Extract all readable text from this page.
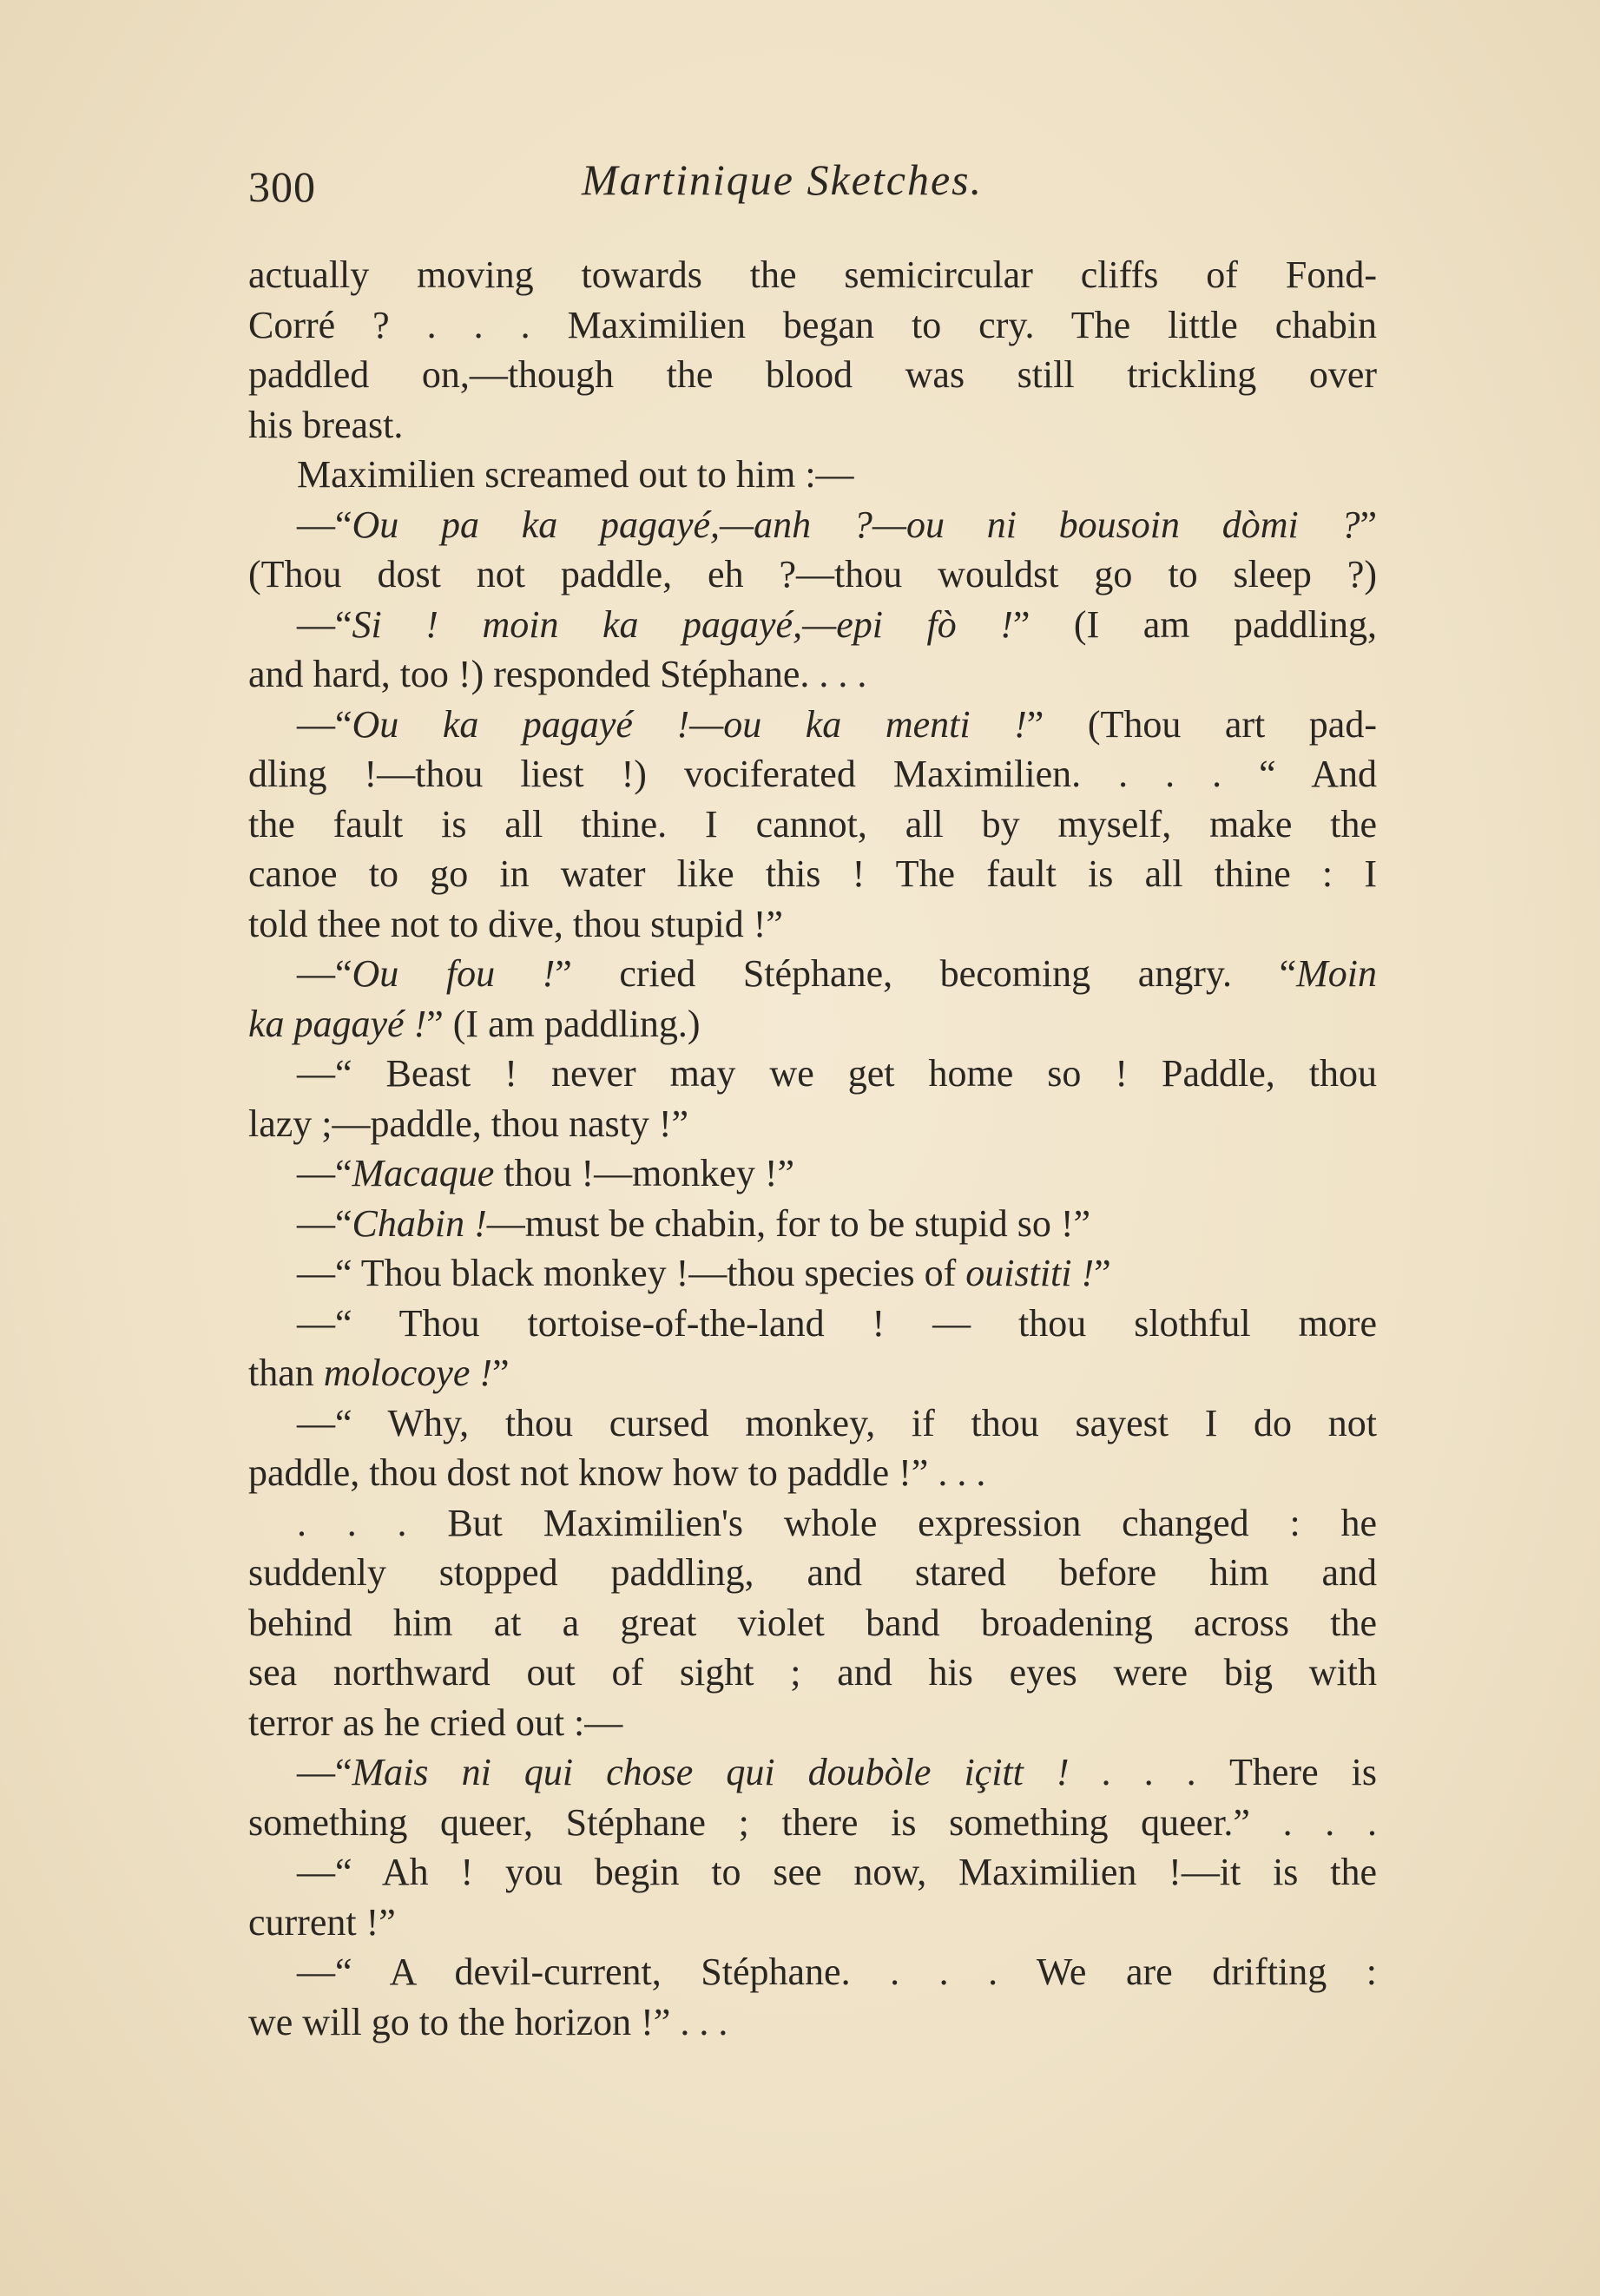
300	Martinique Sketches.
actually moving towards the semicircular cliffs of Fond-
Corré ? . . . Maximilien began to cry. The little chabin
paddled on,—though the blood was still trickling over
his breast.
Maximilien screamed out to him :—
—“Ou pa ka pagayé,—anh ?—ou ni bousoin dòmi ?”
(Thou dost not paddle, eh ?—thou wouldst go to sleep ?)
—“Si ! moin ka pagayé,—epi fò !” (I am paddling,
and hard, too !) responded Stéphane. . . .
—“Ou ka pagayé !—ou ka menti !” (Thou art pad-
dling !—thou liest !) vociferated Maximilien. . . . “ And
the fault is all thine. I cannot, all by myself, make the
canoe to go in water like this ! The fault is all thine : I
told thee not to dive, thou stupid !”
—“Ou fou !” cried Stéphane, becoming angry. “Moin
ka pagayé !” (I am paddling.)
—“ Beast ! never may we get home so ! Paddle, thou
lazy ;—paddle, thou nasty !”
—“Macaque thou !—monkey !”
—“Chabin !—must be chabin, for to be stupid so !”
—“ Thou black monkey !—thou species of ouistiti !”
—“ Thou tortoise-of-the-land ! — thou slothful more
than molocoye !”
—“ Why, thou cursed monkey, if thou sayest I do not
paddle, thou dost not know how to paddle !” . . .
. . . But Maximilien's whole expression changed : he
suddenly stopped paddling, and stared before him and
behind him at a great violet band broadening across the
sea northward out of sight ; and his eyes were big with
terror as he cried out :—
—“Mais ni qui chose qui doubòle içitt ! . . . There is
something queer, Stéphane ; there is something queer.” . . .
—“ Ah ! you begin to see now, Maximilien !—it is the
current !”
—“ A devil-current, Stéphane. . . . We are drifting :
we will go to the horizon !” . . .
